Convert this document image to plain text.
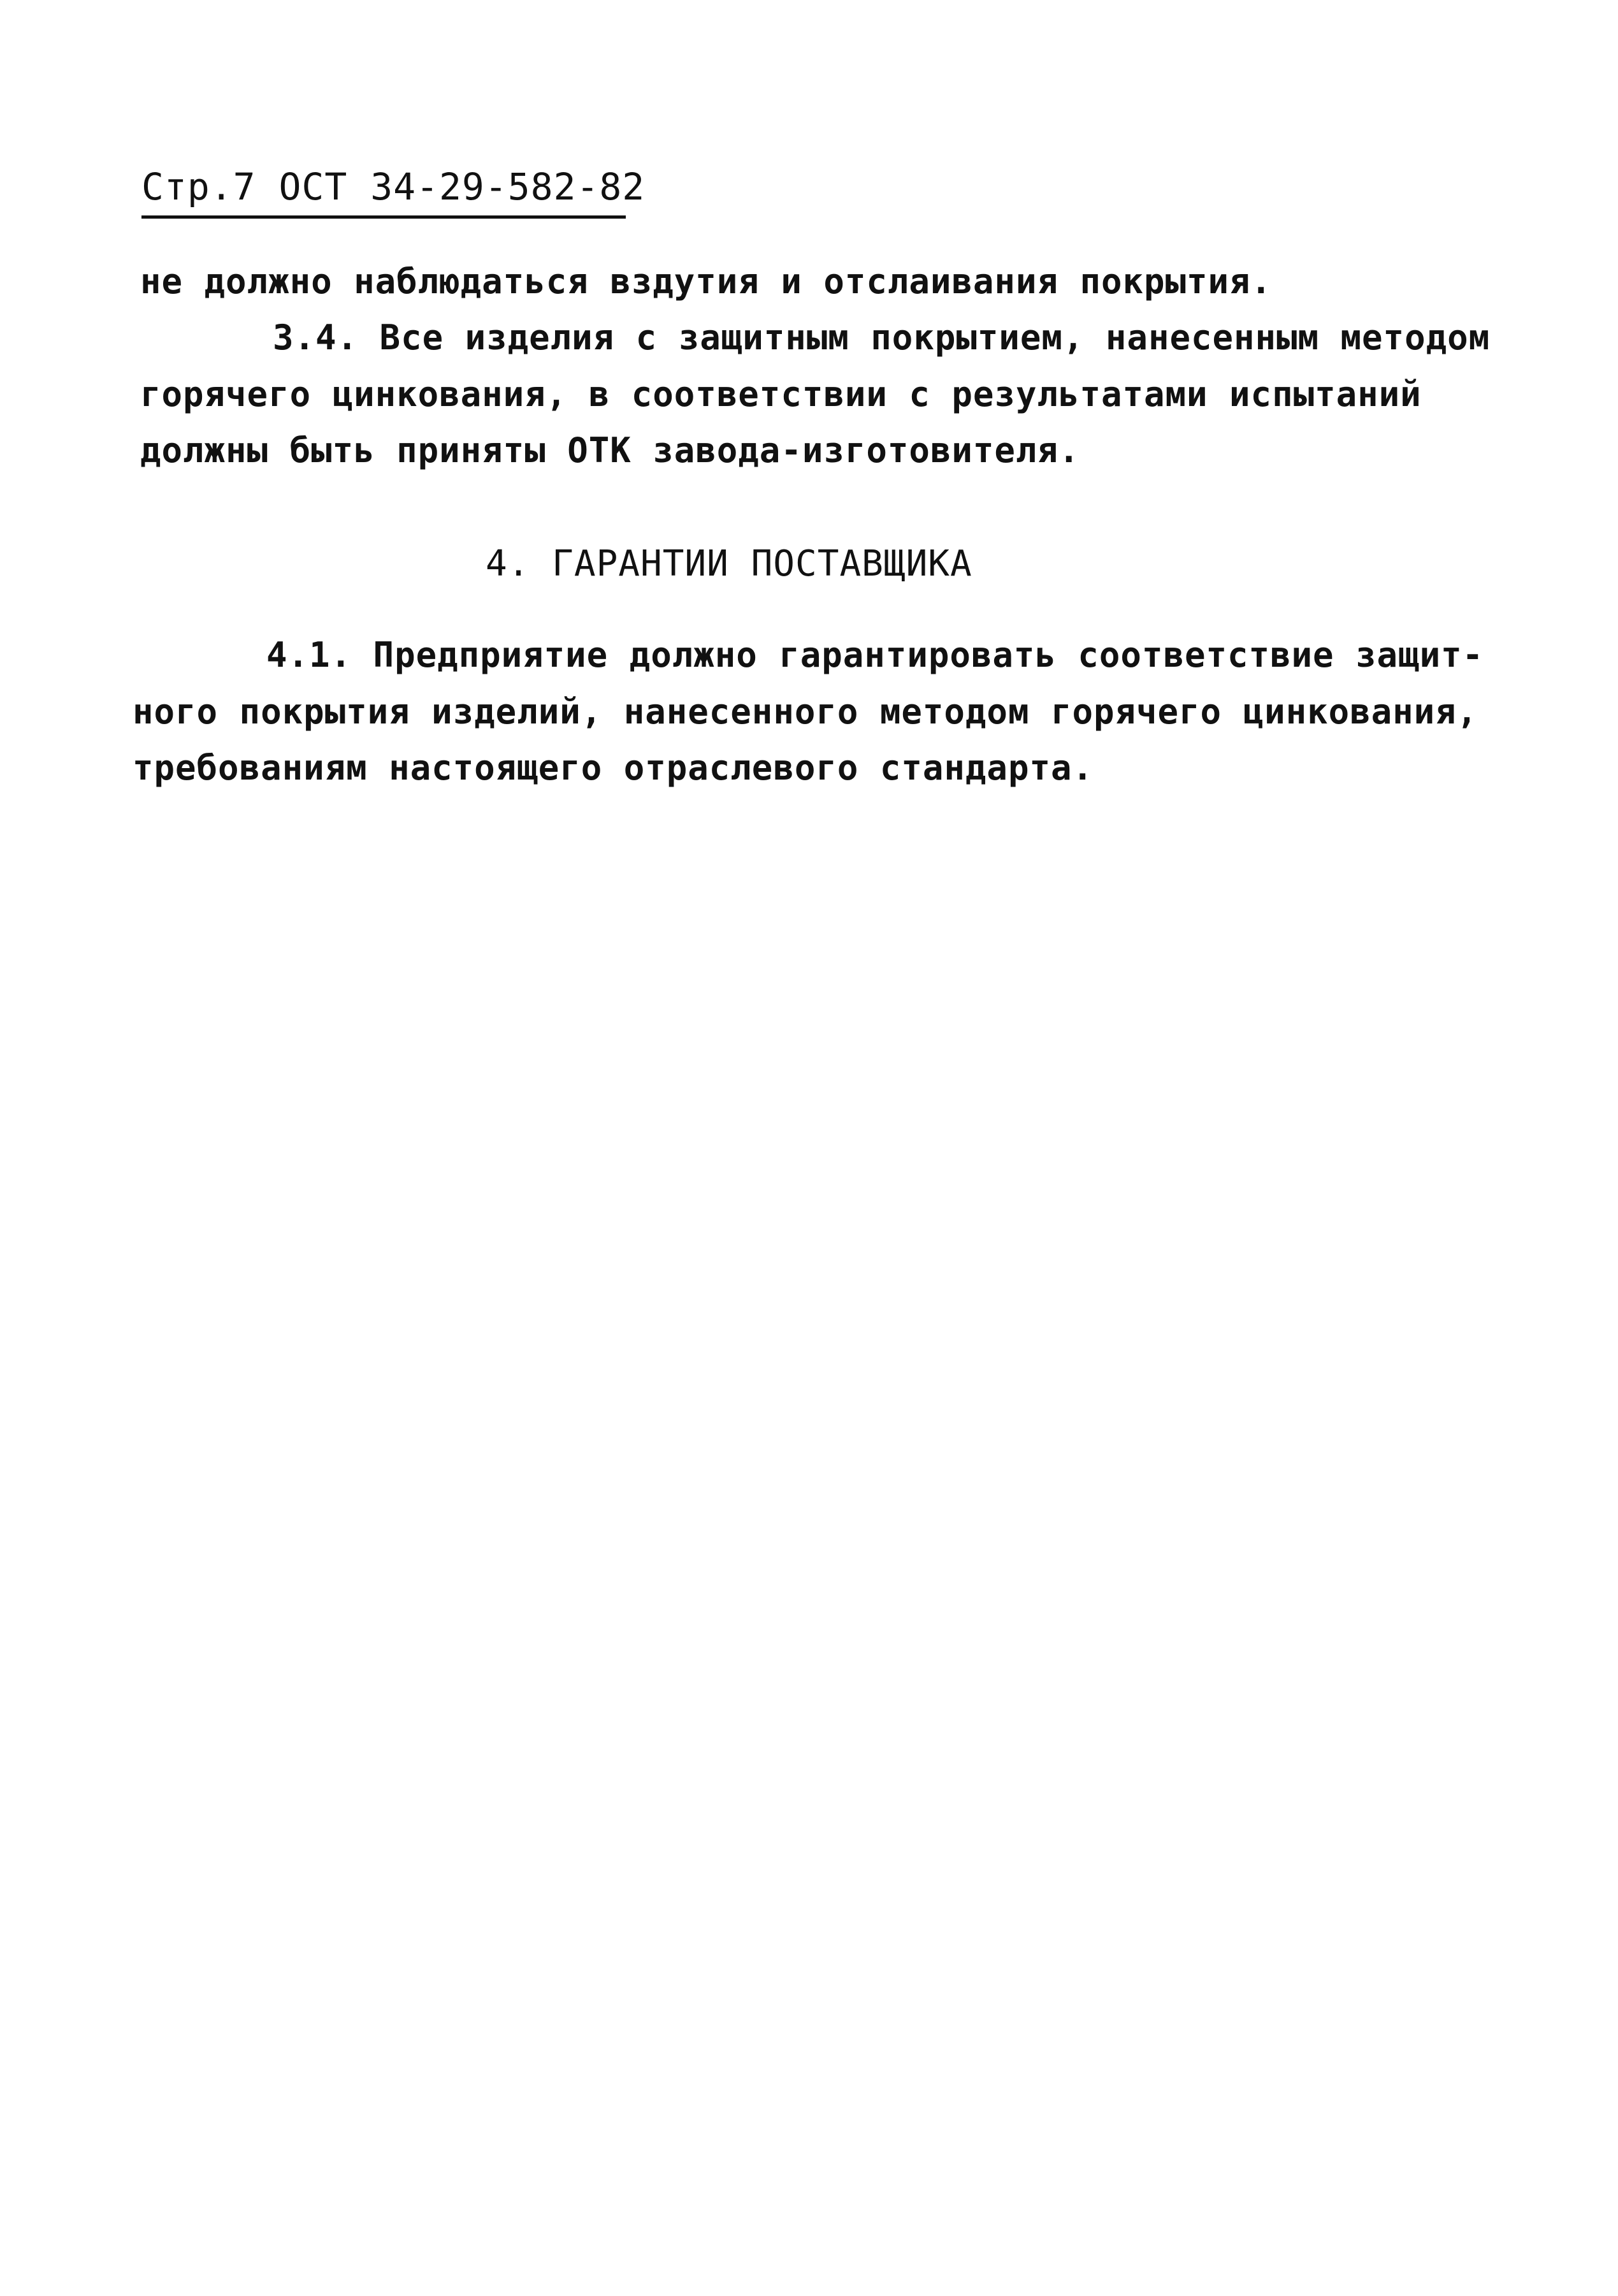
Стр.7 ОСТ 34-29-582-82
не должно наблюдаться вздутия и отслаивания покрытия.
3.4. Все изделия с защитным покрытием, нанесенным методом
горячего цинкования, в соответствии с результатами испытаний
должны быть приняты ОТК завода-изготовителя.
4. ГАРАНТИИ ПОСТАВЩИКА
4.1. Предприятие должно гарантировать соответствие защит-
ного покрытия изделий, нанесенного методом горячего цинкования,
требованиям настоящего отраслевого стандарта.
